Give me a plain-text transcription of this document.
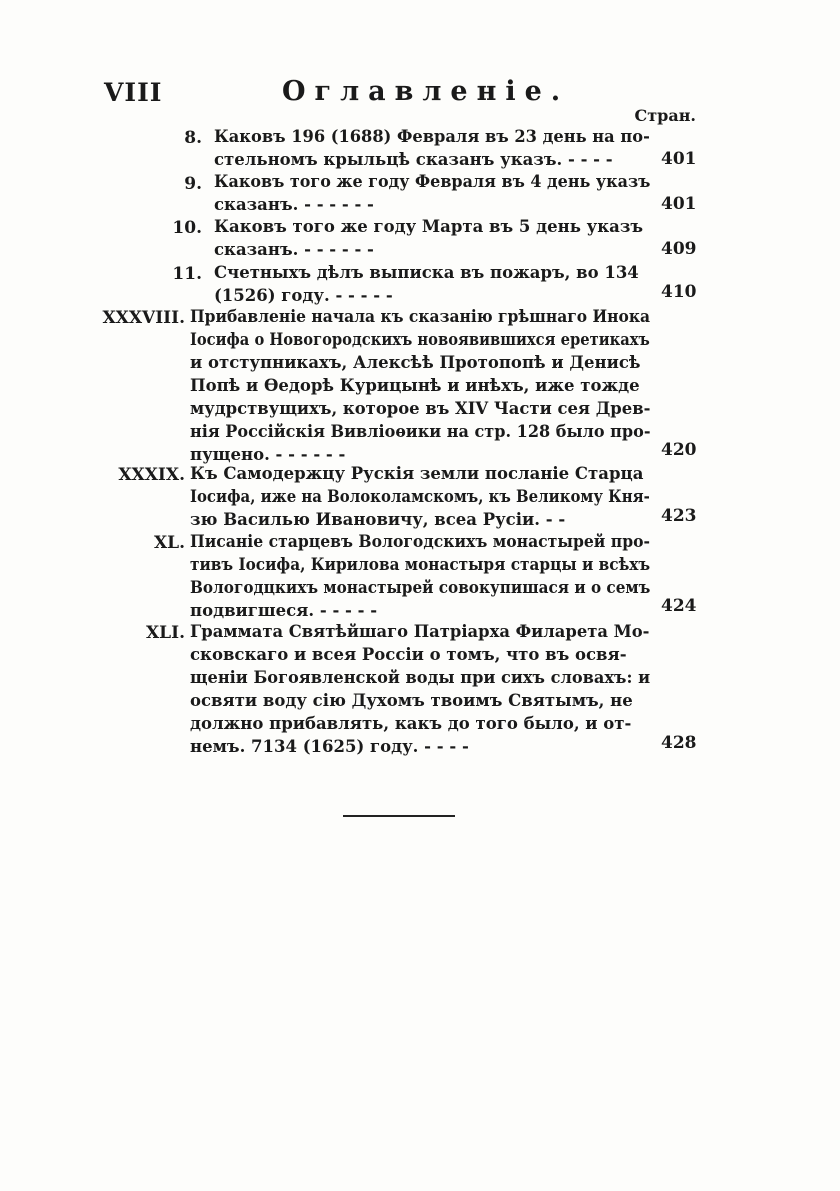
VIII	Оглавленіе.
Стран.
8. Каковъ 196 (1688) Февраля въ 23 день на по-
стельномъ крыльцѣ сказанъ указъ. - - - -	401
9. Каковъ того же году Февраля въ 4 день указъ
сказанъ. - - - - - -	401
10. Каковъ того же году Марта въ 5 день указъ
сказанъ. - - - - - -	409
11. Счетныхъ дѣлъ выписка въ пожаръ, во 134
(1526) году. - - - - -	410
XXXVIII. Прибавленіе начала къ сказанію грѣшнаго Инока
Іосифа о Новогородскихъ новоявившихся еретикахъ
и отступникахъ, Алексѣѣ Протопопѣ и Денисѣ
Попѣ и Ѳедорѣ Курицынѣ и инѣхъ, иже тожде
мудрствущихъ, которое въ XIV Части сея Древ-
нія Россійскія Вивліоѳики на стр. 128 было про-
пущено. - - - - - -	420
XXXIX. Къ Самодержцу Рускія земли посланіе Старца
Іосифа, иже на Волоколамскомъ, къ Великому Кня-
зю Василью Ивановичу, всеа Русіи. - -	423
XL. Писаніе старцевъ Вологодскихъ монастырей про-
тивъ Іосифа, Кирилова монастыря старцы и всѣхъ
Вологодцкихъ монастырей совокупишася и о семъ
подвигшеся. - - - - -	424
XLI. Граммата Святѣйшаго Патріарха Филарета Мо-
сковскаго и всея Россіи о томъ, что въ освя-
щеніи Богоявленской воды при сихъ словахъ: и
освяти воду сію Духомъ твоимъ Святымъ, не
должно прибавлять, какъ до того было, и от-
немъ. 7134 (1625) году. - - - -	428
